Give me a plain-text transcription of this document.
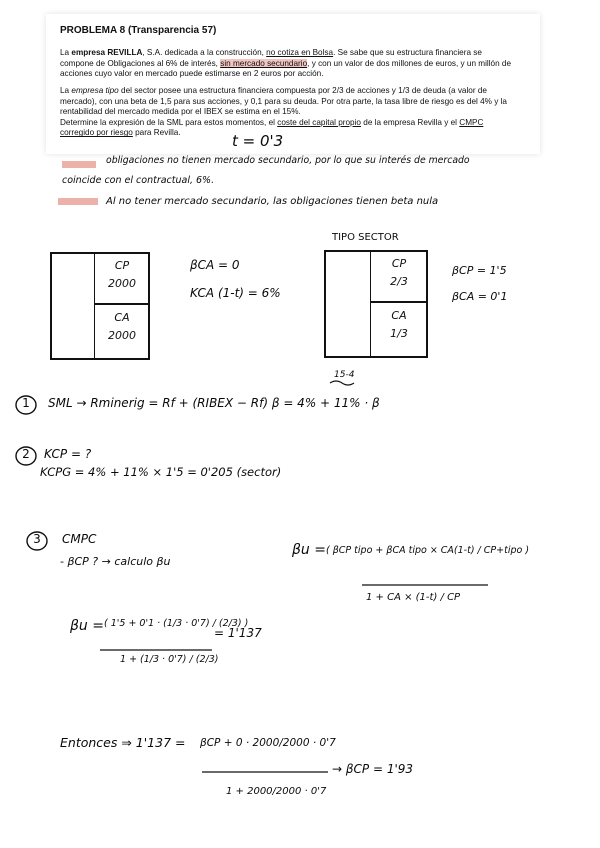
PROBLEMA 8 (Transparencia 57)
La empresa REVILLA, S.A. dedicada a la construcción, no cotiza en Bolsa. Se sabe que su estructura financiera se compone de Obligaciones al 6% de interés, sin mercado secundario, y con un valor de dos millones de euros, y un millón de acciones cuyo valor en mercado puede estimarse en 2 euros por acción.
La empresa tipo del sector posee una estructura financiera compuesta por 2/3 de acciones y 1/3 de deuda (a valor de mercado), con una beta de 1,5 para sus acciones, y 0,1 para su deuda. Por otra parte, la tasa libre de riesgo es del 4% y la rentabilidad del mercado medida por el IBEX se estima en el 15%.
Determine la expresión de la SML para estos momentos, el coste del capital propio de la empresa Revilla y el CMPC corregido por riesgo para Revilla.	t = 0'3
obligaciones no tienen mercado secundario, por lo que su interés de mercado
coincide con el contractual, 6%.
Al no tener mercado secundario, las obligaciones tienen beta nula
CP
2000
CA
2000
βCA = 0
KCA (1-t) = 6%
TIPO SECTOR
CP
2/3
CA
1/3
βCP = 1'5
βCA = 0'1
15-4
1	SML → Rminerig = Rf + (RIBEX − Rf) β = 4% + 11% · β
2	KCP = ?
KCPG = 4% + 11% × 1'5 = 0'205 (sector)
3	CMPC
- βCP ? → calculo βu
βu = ( βCP tipo + βCA tipo × CA(1-t) / CP+tipo )
1 + CA × (1-t) / CP
βu = ( 1'5 + 0'1 · (1/3 · 0'7) / (2/3) )
1 + (1/3 · 0'7) / (2/3)
= 1'137
Entonces ⇒ 1'137 = βCP + 0 · 2000/2000 · 0'7
1 + 2000/2000 · 0'7
→ βCP = 1'93
